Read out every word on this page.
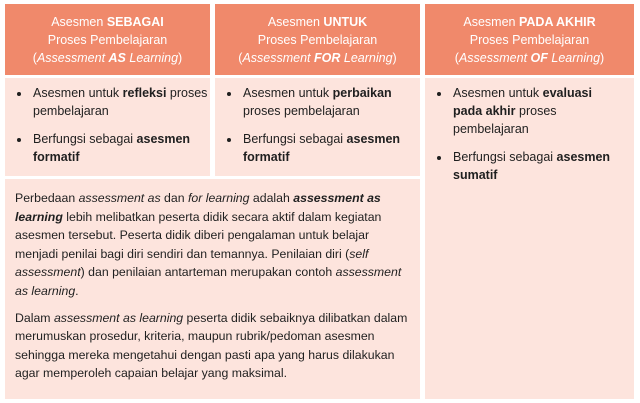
Asesmen SEBAGAI
Proses Pembelajaran
(Assessment AS Learning)
Asesmen UNTUK
Proses Pembelajaran
(Assessment FOR Learning)
Asesmen PADA AKHIR
Proses Pembelajaran
(Assessment OF Learning)
• Asesmen untuk refleksi proses pembelajaran
• Berfungsi sebagai asesmen formatif
• Asesmen untuk perbaikan proses pembelajaran
• Berfungsi sebagai asesmen formatif
• Asesmen untuk evaluasi pada akhir proses pembelajaran
• Berfungsi sebagai asesmen sumatif

Perbedaan assessment as dan for learning adalah assessment as learning lebih melibatkan peserta didik secara aktif dalam kegiatan asesmen tersebut. Peserta didik diberi pengalaman untuk belajar menjadi penilai bagi diri sendiri dan temannya. Penilaian diri (self assessment) dan penilaian antarteman merupakan contoh assessment as learning.

Dalam assessment as learning peserta didik sebaiknya dilibatkan dalam merumuskan prosedur, kriteria, maupun rubrik/pedoman asesmen sehingga mereka mengetahui dengan pasti apa yang harus dilakukan agar memperoleh capaian belajar yang maksimal.
